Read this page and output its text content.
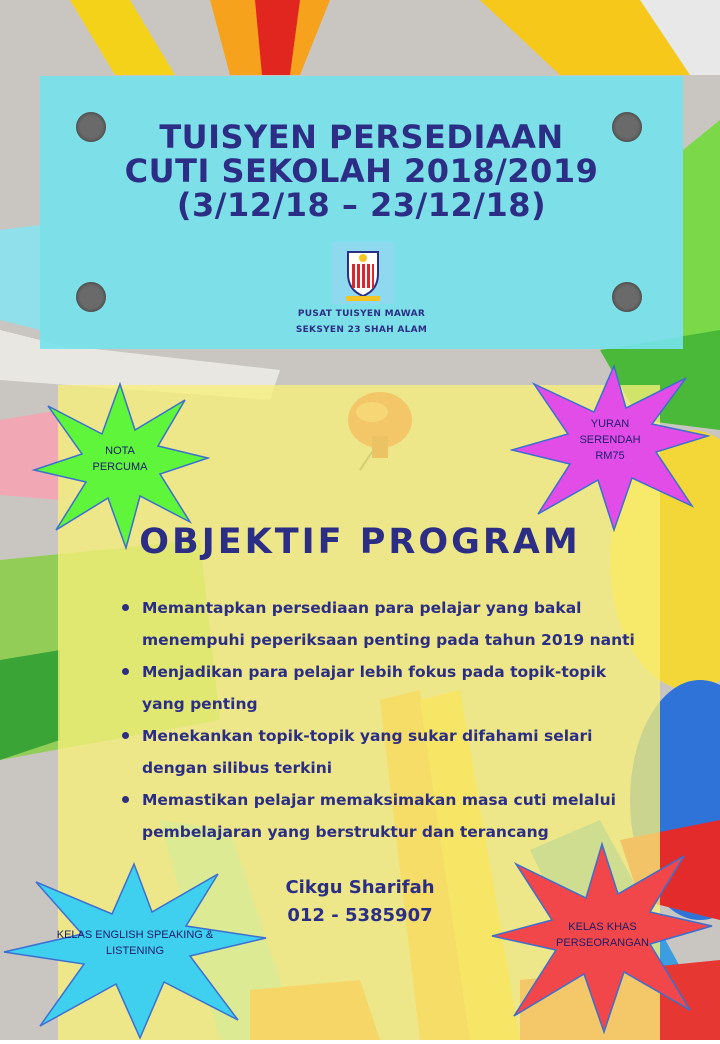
TUISYEN PERSEDIAAN
CUTI SEKOLAH 2018/2019
(3/12/18 – 23/12/18)
PUSAT TUISYEN MAWAR
SEKSYEN 23 SHAH ALAM
NOTA
PERCUMA
YURAN
SERENDAH
RM75
OBJEKTIF PROGRAM
Memantapkan persediaan para pelajar yang bakal menempuhi peperiksaan penting pada tahun 2019 nanti
Menjadikan para pelajar lebih fokus pada topik-topik yang penting
Menekankan topik-topik yang sukar difahami selari dengan silibus terkini
Memastikan pelajar memaksimakan masa cuti melalui pembelajaran yang berstruktur dan terancang
Cikgu Sharifah
012 - 5385907
KELAS ENGLISH SPEAKING &
LISTENING
KELAS KHAS
PERSEORANGAN
